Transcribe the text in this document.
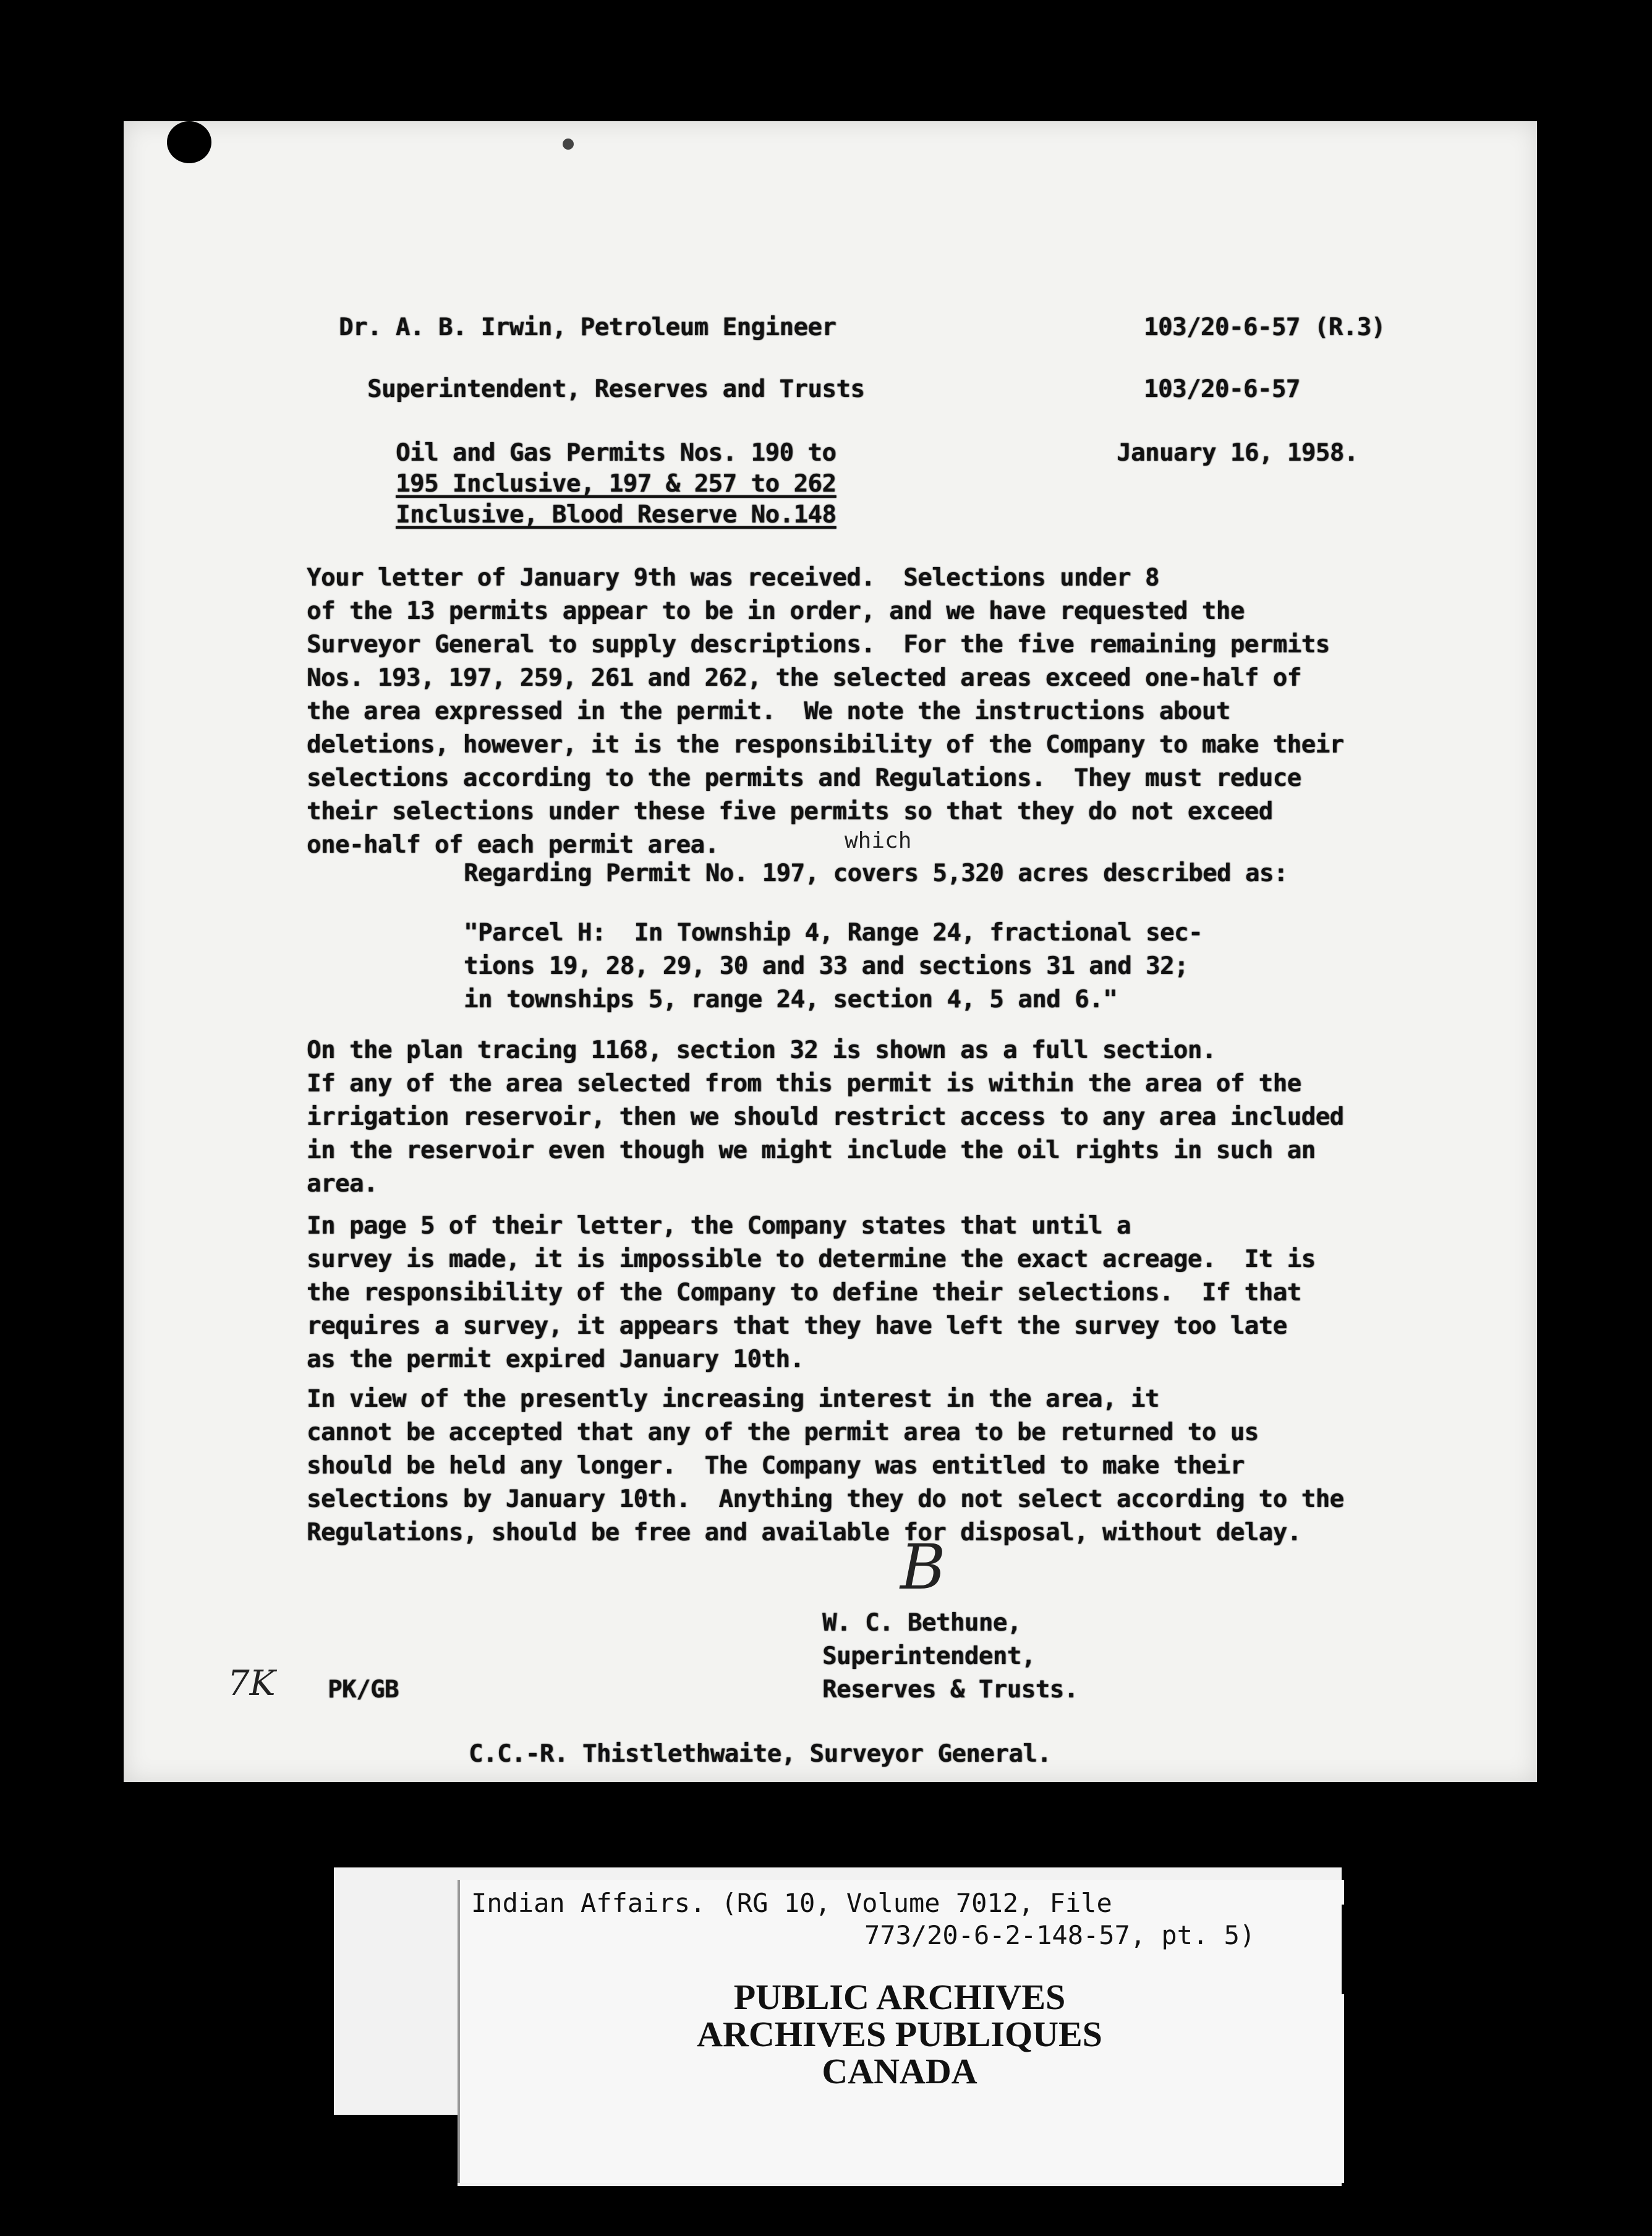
Dr. A. B. Irwin, Petroleum Engineer	103/20-6-57 (R.3)
Superintendent, Reserves and Trusts	103/20-6-57
Oil and Gas Permits Nos. 190 to	January 16, 1958.
195 Inclusive, 197 & 257 to 262
Inclusive, Blood Reserve No.148
Your letter of January 9th was received.  Selections under 8
of the 13 permits appear to be in order, and we have requested the
Surveyor General to supply descriptions.  For the five remaining permits
Nos. 193, 197, 259, 261 and 262, the selected areas exceed one-half of
the area expressed in the permit.  We note the instructions about
deletions, however, it is the responsibility of the Company to make their
selections according to the permits and Regulations.  They must reduce
their selections under these five permits so that they do not exceed
one-half of each permit area.	which
Regarding Permit No. 197, covers 5,320 acres described as:
"Parcel H:  In Township 4, Range 24, fractional sec-
tions 19, 28, 29, 30 and 33 and sections 31 and 32;
in townships 5, range 24, section 4, 5 and 6."
On the plan tracing 1168, section 32 is shown as a full section.
If any of the area selected from this permit is within the area of the
irrigation reservoir, then we should restrict access to any area included
in the reservoir even though we might include the oil rights in such an
area.
In page 5 of their letter, the Company states that until a
survey is made, it is impossible to determine the exact acreage.  It is
the responsibility of the Company to define their selections.  If that
requires a survey, it appears that they have left the survey too late
as the permit expired January 10th.
In view of the presently increasing interest in the area, it
cannot be accepted that any of the permit area to be returned to us
should be held any longer.  The Company was entitled to make their
selections by January 10th.  Anything they do not select according to the
Regulations, should be free and available for disposal, without delay.
B
W. C. Bethune,
Superintendent,
Reserves & Trusts.
7K PK/GB
C.C.-R. Thistlethwaite, Surveyor General.
Indian Affairs. (RG 10, Volume 7012, File
773/20-6-2-148-57, pt. 5)
PUBLIC ARCHIVES
ARCHIVES PUBLIQUES
CANADA
